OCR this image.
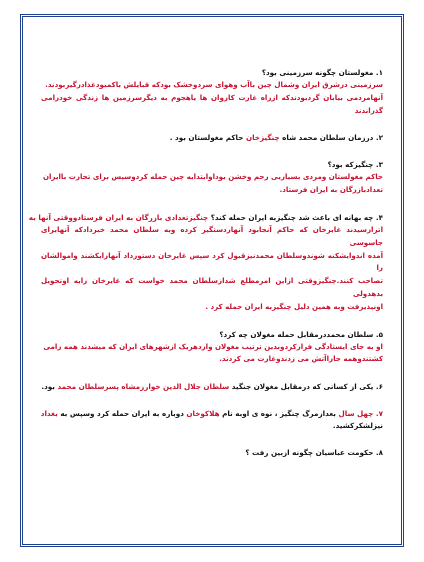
۱. مغولستان چگونه سرزمینی بود؟
سرزمینی درشرق ایران وشمال چین باآب وهوای سردوخشک بودکه قبایلش باکمبودغذادرگیربودند.
آنهامردمی بیابان گردبودندکه ازراه غارت کاروان ها یاهجوم به دیگرسرزمین ها زندگی خودرامی گذراندند
۲. درزمان سلطان محمد شاه چنگیزخان حاکم مغولستان بود .
۳. چنگیزکه بود؟
حاکم مغولستان ومردی بسیاربی رحم وخشن بوداوابتدابه چین حمله کردوسپس برای تجارت باایران
تعدادبازرگان به ایران فرستاد.
۴. چه بهانه ای باعث شد چنگیزبه ایران حمله کند؟ چنگیزتعدادی بازرگان به ایران فرستادووقتی آنها به
اترارسیدند غایرخان که حاکم آنجابود آنهاردستگیر کرده وبه سلطان محمد خبردادکه آنهابرای جاسوسی
آمده اندوایشکنه شوندوسلطان محمدنیزقبول کرد سپس غایرخان دستورداد آنهارابکشند واموالشان را
تصاحب کنند.چنگیزوقتی ازاین امرمطلع شدازسلطان محمد خواست که غایرخان رابه اوتحویل بدهدولی
اونپذیرفت وبه همین دلیل چنگیزبه ایران حمله کرد .
۵. سلطان محمددرمقابل حمله مغولان چه کرد؟
او به جای ایستادگی فرارکردوبدین ترتیب مغولان واردهریک ازشهرهای ایران که میشدند همه رامی
کشتندوهمه جاراآتش می زدندوغارت می کردند.
۶. یکی از کسانی که درمقابل مغولان جنگید سلطان جلال الدین خوارزمشاه پسرسلطان محمد بود.
۷. چهل سال بعدازمرگ چنگیز ، نوه ی اوبه نام هلاکوخان دوباره به ایران حمله کرد وسپس به بغداد
نیزلشکرکشید.
۸. حکومت عباسیان چگونه ازبین رفت ؟
